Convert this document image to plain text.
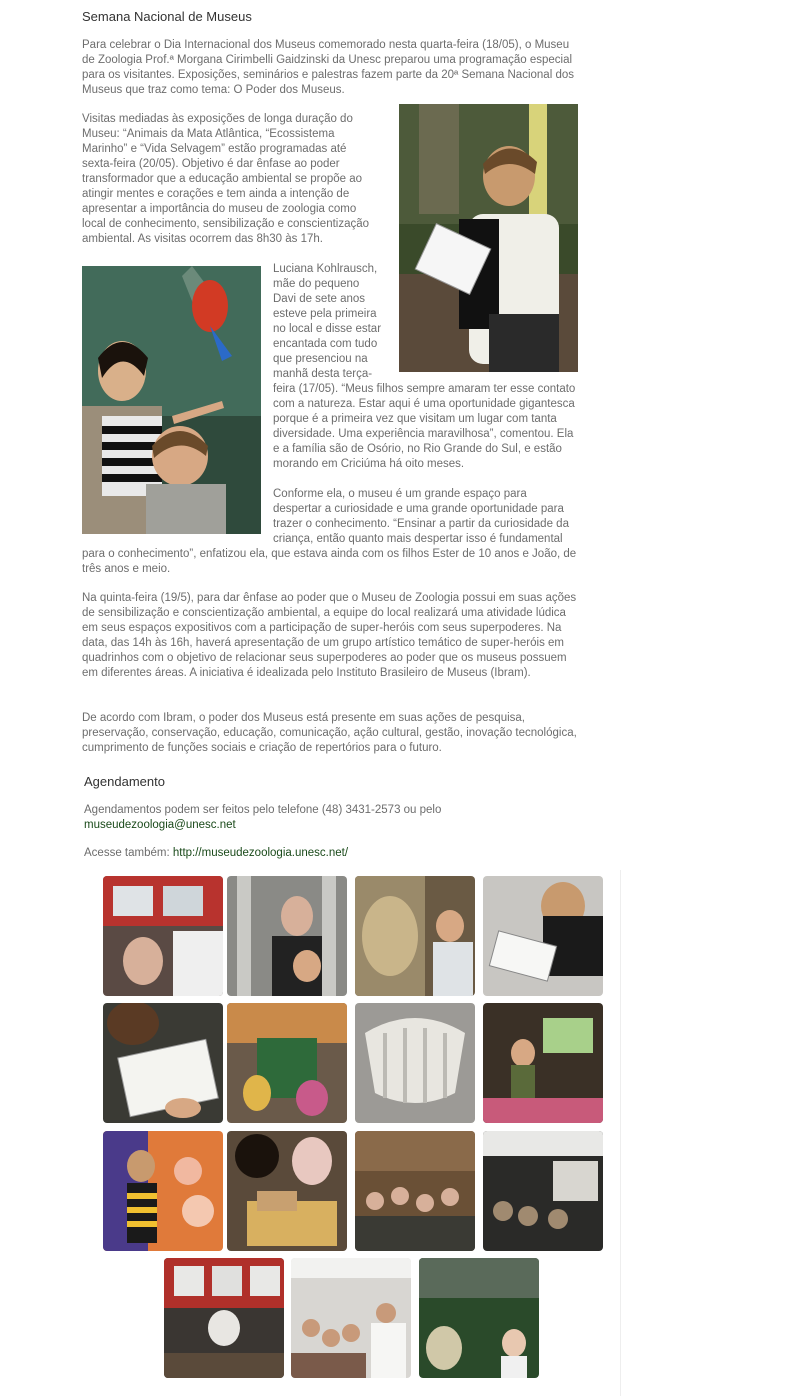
Semana Nacional de Museus

Para celebrar o Dia Internacional dos Museus comemorado nesta quarta-feira (18/05), o Museu de Zoologia Prof.ª Morgana Cirimbelli Gaidzinski da Unesc preparou uma programação especial para os visitantes. Exposições, seminários e palestras fazem parte da 20ª Semana Nacional dos Museus que traz como tema: O Poder dos Museus.

Visitas mediadas às exposições de longa duração do Museu: “Animais da Mata Atlântica, “Ecossistema Marinho” e “Vida Selvagem” estão programadas até sexta-feira (20/05). Objetivo é dar ênfase ao poder transformador que a educação ambiental se propõe ao atingir mentes e corações e tem ainda a intenção de apresentar a importância do museu de zoologia como local de conhecimento, sensibilização e conscientização ambiental. As visitas ocorrem das 8h30 às 17h.

Luciana Kohlrausch, mãe do pequeno Davi de sete anos esteve pela primeira no local e disse estar encantada com tudo que presenciou na manhã desta terça-

feira (17/05). “Meus filhos sempre amaram ter esse contato com a natureza. Estar aqui é uma oportunidade gigantesca porque é a primeira vez que visitam um lugar com tanta diversidade. Uma experiência maravilhosa”, comentou. Ela e a família são de Osório, no Rio Grande do Sul, e estão morando em Criciúma há oito meses.

Conforme ela, o museu é um grande espaço para despertar a curiosidade e uma grande oportunidade para trazer o conhecimento. “Ensinar a partir da curiosidade da criança, então quanto mais despertar isso é fundamental

para o conhecimento”, enfatizou ela, que estava ainda com os filhos Ester de 10 anos e João, de três anos e meio.

Na quinta-feira (19/5), para dar ênfase ao poder que o Museu de Zoologia possui em suas ações de sensibilização e conscientização ambiental, a equipe do local realizará uma atividade lúdica em seus espaços expositivos com a participação de super-heróis com seus superpoderes. Na data, das 14h às 16h, haverá apresentação de um grupo artístico temático de super-heróis em quadrinhos com o objetivo de relacionar seus superpoderes ao poder que os museus possuem em diferentes áreas. A iniciativa é idealizada pelo Instituto Brasileiro de Museus (Ibram).

De acordo com Ibram, o poder dos Museus está presente em suas ações de pesquisa, preservação, conservação, educação, comunicação, ação cultural, gestão, inovação tecnológica, cumprimento de funções sociais e criação de repertórios para o futuro.

Agendamento
Agendamentos podem ser feitos pelo telefone (48) 3431-2573 ou pelo
museudezoologia@unesc.net
Acesse também: http://museudezoologia.unesc.net/
